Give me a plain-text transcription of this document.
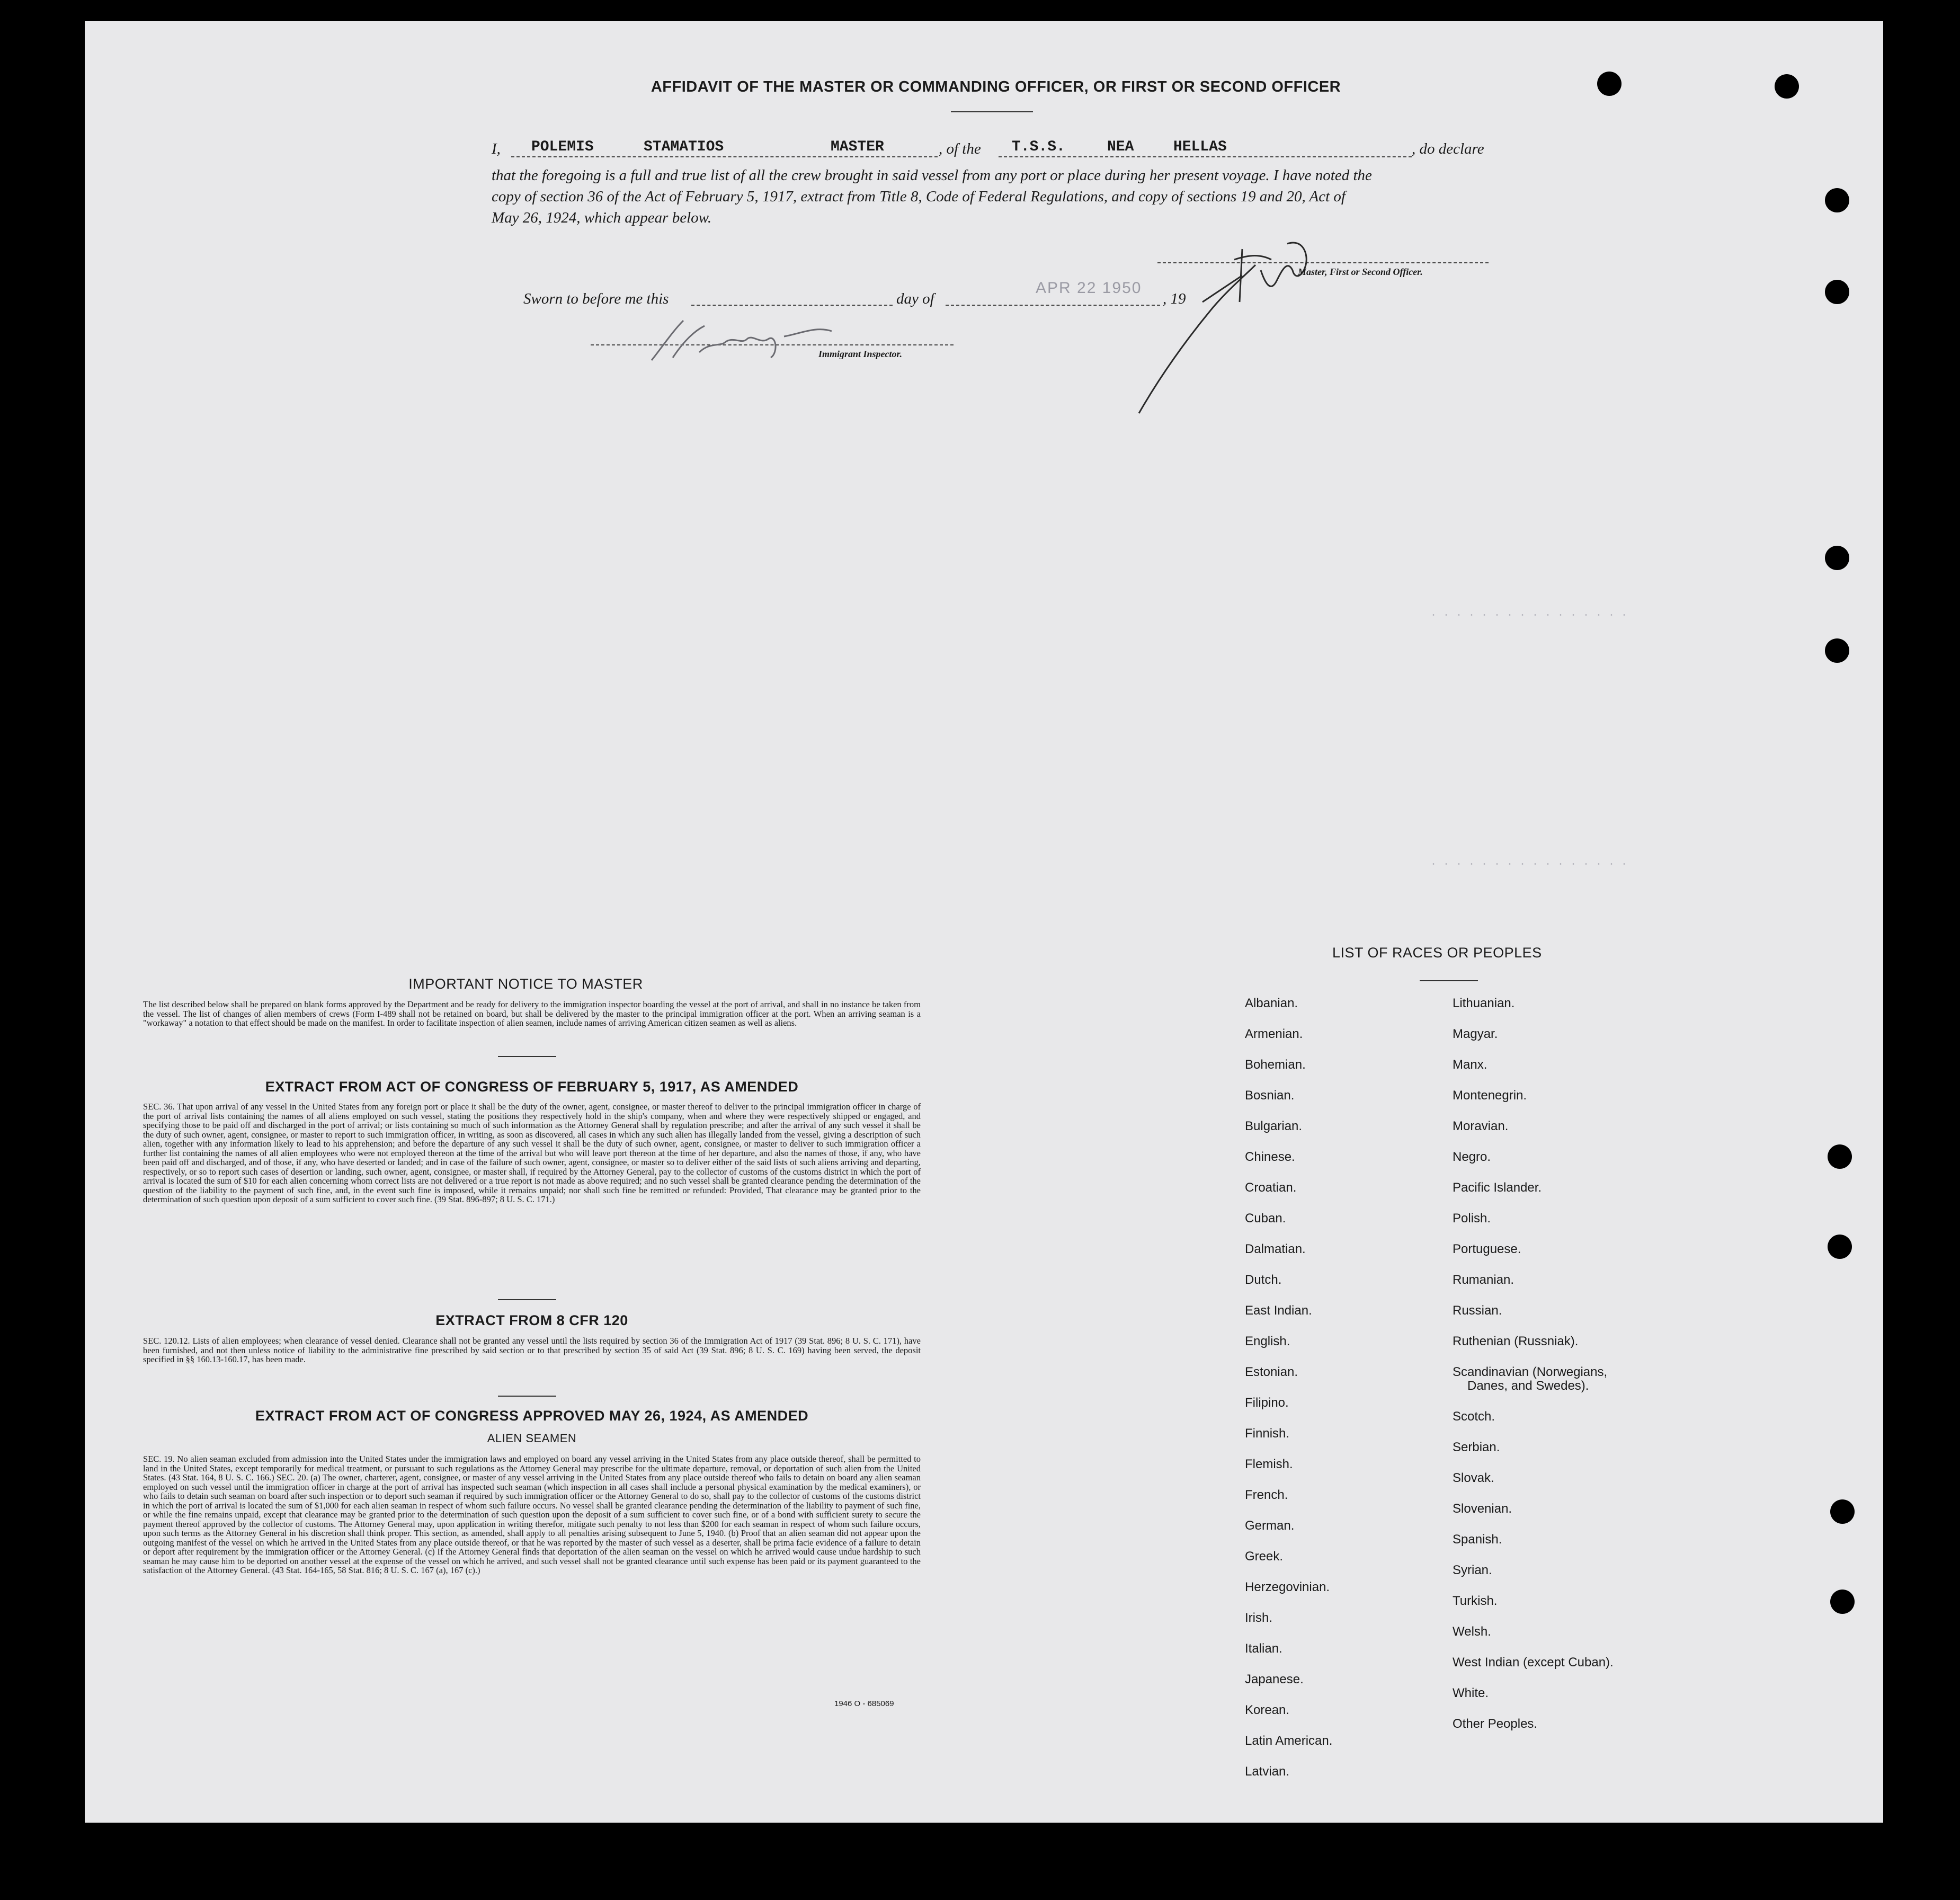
AFFIDAVIT OF THE MASTER OR COMMANDING OFFICER, OR FIRST OR SECOND OFFICER
I, POLEMIS	STAMATIOS	MASTER	, of the T.S.S.	NEA	HELLAS	, do declare
that the foregoing is a full and true list of all the crew brought in said vessel from any port or place during her present voyage. I have noted the
copy of section 36 of the Act of February 5, 1917, extract from Title 8, Code of Federal Regulations, and copy of sections 19 and 20, Act of
May 26, 1924, which appear below.
Master, First or Second Officer.
Sworn to before me this	day of
APR 22 1950
, 19
Immigrant Inspector.
· · · · · · · · · · · · · · · ·
· · · · · · · · · · · · · · · ·
IMPORTANT NOTICE TO MASTER
The list described below shall be prepared on blank forms approved by the Department and be ready for delivery to the immigration inspector boarding the vessel at the port of arrival, and shall in no instance be taken from the vessel. The list of changes of alien members of crews (Form I-489 shall not be retained on board, but shall be delivered by the master to the principal immigration officer at the port. When an arriving seaman is a "workaway" a notation to that effect should be made on the manifest. In order to facilitate inspection of alien seamen, include names of arriving American citizen seamen as well as aliens.
EXTRACT FROM ACT OF CONGRESS OF FEBRUARY 5, 1917, AS AMENDED
SEC. 36. That upon arrival of any vessel in the United States from any foreign port or place it shall be the duty of the owner, agent, consignee, or master thereof to deliver to the principal immigration officer in charge of the port of arrival lists containing the names of all aliens employed on such vessel, stating the positions they respectively hold in the ship's company, when and where they were respectively shipped or engaged, and specifying those to be paid off and discharged in the port of arrival; or lists containing so much of such information as the Attorney General shall by regulation prescribe; and after the arrival of any such vessel it shall be the duty of such owner, agent, consignee, or master to report to such immigration officer, in writing, as soon as discovered, all cases in which any such alien has illegally landed from the vessel, giving a description of such alien, together with any information likely to lead to his apprehension; and before the departure of any such vessel it shall be the duty of such owner, agent, consignee, or master to deliver to such immigration officer a further list containing the names of all alien employees who were not employed thereon at the time of the arrival but who will leave port thereon at the time of her departure, and also the names of those, if any, who have been paid off and discharged, and of those, if any, who have deserted or landed; and in case of the failure of such owner, agent, consignee, or master so to deliver either of the said lists of such aliens arriving and departing, respectively, or so to report such cases of desertion or landing, such owner, agent, consignee, or master shall, if required by the Attorney General, pay to the collector of customs of the customs district in which the port of arrival is located the sum of $10 for each alien concerning whom correct lists are not delivered or a true report is not made as above required; and no such vessel shall be granted clearance pending the determination of the question of the liability to the payment of such fine, and, in the event such fine is imposed, while it remains unpaid; nor shall such fine be remitted or refunded: Provided, That clearance may be granted prior to the determination of such question upon deposit of a sum sufficient to cover such fine. (39 Stat. 896-897; 8 U. S. C. 171.)
EXTRACT FROM 8 CFR 120
SEC. 120.12. Lists of alien employees; when clearance of vessel denied. Clearance shall not be granted any vessel until the lists required by section 36 of the Immigration Act of 1917 (39 Stat. 896; 8 U. S. C. 171), have been furnished, and not then unless notice of liability to the administrative fine prescribed by said section or to that prescribed by section 35 of said Act (39 Stat. 896; 8 U. S. C. 169) having been served, the deposit specified in §§ 160.13-160.17, has been made.
EXTRACT FROM ACT OF CONGRESS APPROVED MAY 26, 1924, AS AMENDED
ALIEN SEAMEN
SEC. 19. No alien seaman excluded from admission into the United States under the immigration laws and employed on board any vessel arriving in the United States from any place outside thereof, shall be permitted to land in the United States, except temporarily for medical treatment, or pursuant to such regulations as the Attorney General may prescribe for the ultimate departure, removal, or deportation of such alien from the United States. (43 Stat. 164, 8 U. S. C. 166.) SEC. 20. (a) The owner, charterer, agent, consignee, or master of any vessel arriving in the United States from any place outside thereof who fails to detain on board any alien seaman employed on such vessel until the immigration officer in charge at the port of arrival has inspected such seaman (which inspection in all cases shall include a personal physical examination by the medical examiners), or who fails to detain such seaman on board after such inspection or to deport such seaman if required by such immigration officer or the Attorney General to do so, shall pay to the collector of customs of the customs district in which the port of arrival is located the sum of $1,000 for each alien seaman in respect of whom such failure occurs. No vessel shall be granted clearance pending the determination of the liability to payment of such fine, or while the fine remains unpaid, except that clearance may be granted prior to the determination of such question upon the deposit of a sum sufficient to cover such fine, or of a bond with sufficient surety to secure the payment thereof approved by the collector of customs. The Attorney General may, upon application in writing therefor, mitigate such penalty to not less than $200 for each seaman in respect of whom such failure occurs, upon such terms as the Attorney General in his discretion shall think proper. This section, as amended, shall apply to all penalties arising subsequent to June 5, 1940. (b) Proof that an alien seaman did not appear upon the outgoing manifest of the vessel on which he arrived in the United States from any place outside thereof, or that he was reported by the master of such vessel as a deserter, shall be prima facie evidence of a failure to detain or deport after requirement by the immigration officer or the Attorney General. (c) If the Attorney General finds that deportation of the alien seaman on the vessel on which he arrived would cause undue hardship to such seaman he may cause him to be deported on another vessel at the expense of the vessel on which he arrived, and such vessel shall not be granted clearance until such expense has been paid or its payment guaranteed to the satisfaction of the Attorney General. (43 Stat. 164-165, 58 Stat. 816; 8 U. S. C. 167 (a), 167 (c).)
1946 O - 685069
LIST OF RACES OR PEOPLES
Albanian.
Armenian.
Bohemian.
Bosnian.
Bulgarian.
Chinese.
Croatian.
Cuban.
Dalmatian.
Dutch.
East Indian.
English.
Estonian.
Filipino.
Finnish.
Flemish.
French.
German.
Greek.
Herzegovinian.
Irish.
Italian.
Japanese.
Korean.
Latin American.
Latvian.
Lithuanian.
Magyar.
Manx.
Montenegrin.
Moravian.
Negro.
Pacific Islander.
Polish.
Portuguese.
Rumanian.
Russian.
Ruthenian (Russniak).
Scandinavian (Norwegians,
Danes, and Swedes).
Scotch.
Serbian.
Slovak.
Slovenian.
Spanish.
Syrian.
Turkish.
Welsh.
West Indian (except Cuban).
White.
Other Peoples.
